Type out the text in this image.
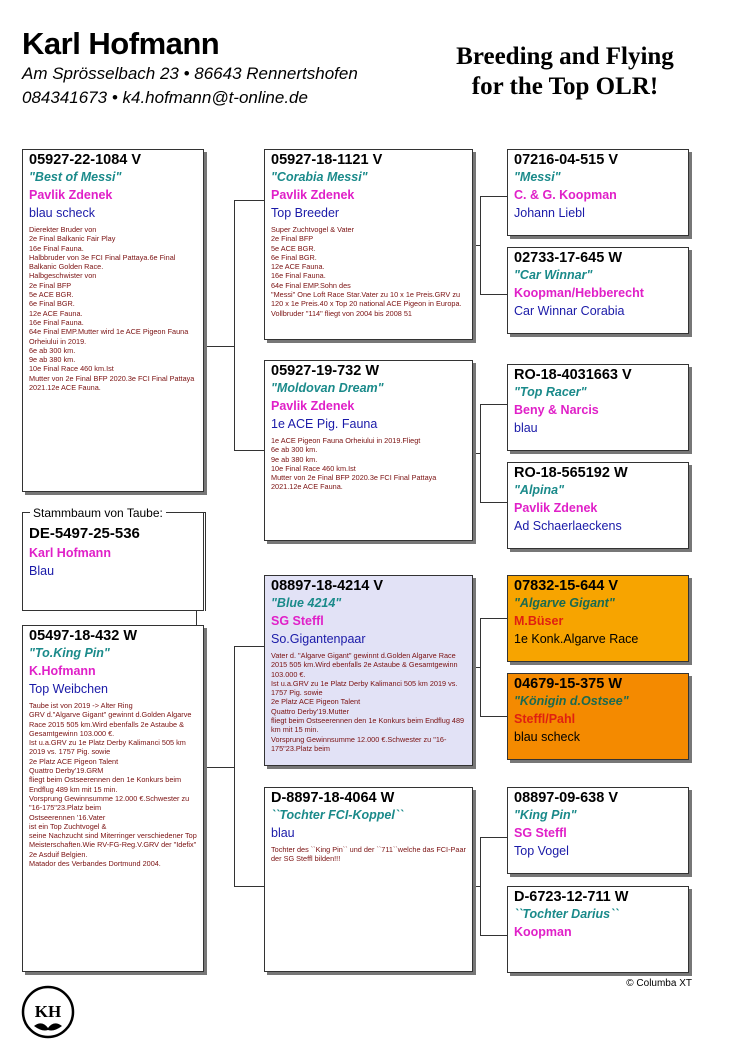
Karl Hofmann
Am Sprösselbach 23 • 86643 Rennertshofen
084341673 • k4.hofmann@t-online.de
Breeding and Flying
for the Top OLR!
DE-5497-25-536
Karl Hofmann
Blau
Stammbaum von Taube:
05927-22-1084 V
"Best of Messi"
Pavlik Zdenek
blau scheck
Dierekter Bruder von
2e Final Balkanic Fair Play
16e Final Fauna.
Halbbruder von 3e FCI Final Pattaya.6e Final Balkanic Golden Race.
Halbgeschwister von
2e Final BFP
5e ACE BGR.
6e Final BGR.
12e ACE Fauna.
16e Final Fauna.
64e Final EMP.Mutter wird 1e ACE Pigeon Fauna Orheiului in 2019.
6e ab 300 km.
9e ab 380 km.
10e Final Race 460 km.Ist
Mutter von 2e Final BFP 2020.3e FCI Final Pattaya 2021.12e ACE Fauna.
05497-18-432 W
"To.King Pin"
K.Hofmann
Top Weibchen
Taube ist von 2019 -> Alter Ring
GRV d."Algarve Gigant" gewinnt d.Golden Algarve Race 2015 505 km.Wird ebenfalls 2e Astaube & Gesamtgewinn 103.000 €.
Ist u.a.GRV zu 1e Platz Derby Kalimanci 505 km 2019 vs. 1757 Pig. sowie
2e Platz ACE Pigeon Talent
Quattro Derby'19.GRM
fliegt beim Ostseerennen den 1e Konkurs beim Endflug 489 km mit 15 min.
Vorsprung Gewinnsumme 12.000 €.Schwester zu "16-175"23.Platz beim
Ostseerennen '16.Vater
ist ein Top Zuchtvogel &
seine Nachzucht sind Miterringer verschiedener Top Meisterschaften.Wie RV-FG-Reg.V.GRV der "Idefix" 2e Asduif Belgien.
Matador des Verbandes Dortmund 2004.
05927-18-1121 V
"Corabia Messi"
Pavlik Zdenek
Top Breeder
Super Zuchtvogel & Vater
2e Final BFP
5e ACE BGR.
6e Final BGR.
12e ACE Fauna.
16e Final Fauna.
64e Final EMP.Sohn des
"Messi" One Loft Race Star.Vater zu 10 x 1e Preis.GRV zu 120 x 1e Preis.40 x Top 20 national ACE Pigeon in Europa.
Vollbruder "114" fliegt von 2004 bis 2008 51
05927-19-732 W
"Moldovan Dream"
Pavlik Zdenek
1e ACE Pig. Fauna
1e ACE Pigeon Fauna Orheiului in 2019.Fliegt
6e ab 300 km.
9e ab 380 km.
10e Final Race 460 km.Ist
Mutter von 2e Final BFP 2020.3e FCI Final Pattaya 2021.12e ACE Fauna.
08897-18-4214 V
"Blue 4214"
SG Steffl
So.Gigantenpaar
Vater d. "Algarve Gigant" gewinnt d.Golden Algarve Race 2015 505 km.Wird ebenfalls 2e Astaube & Gesamtgewinn 103.000 €.
Ist u.a.GRV zu 1e Platz Derby Kalimanci 505 km 2019 vs. 1757 Pig. sowie
2e Platz ACE Pigeon Talent
Quattro Derby'19.Mutter
fliegt beim Ostseerennen den 1e Konkurs beim Endflug 489 km mit 15 min.
Vorsprung Gewinnsumme 12.000 €.Schwester zu "16-175"23.Platz beim
D-8897-18-4064 W
``Tochter FCI-Koppel``
blau
Tochter des ``King Pin`` und der ``711``welche das FCI-Paar der SG Steffl bilden!!!
07216-04-515 V
"Messi"
C. & G. Koopman
Johann Liebl
02733-17-645 W
"Car Winnar"
Koopman/Hebberecht
Car Winnar Corabia
RO-18-4031663 V
"Top Racer"
Beny & Narcis
blau
RO-18-565192 W
"Alpina"
Pavlik Zdenek
Ad Schaerlaeckens
07832-15-644 V
"Algarve Gigant"
M.Büser
1e Konk.Algarve Race
04679-15-375 W
"Königin d.Ostsee"
Steffl/Pahl
blau scheck
08897-09-638 V
"King Pin"
SG Steffl
Top Vogel
D-6723-12-711 W
``Tochter Darius``
Koopman
© Columba XT
KH
